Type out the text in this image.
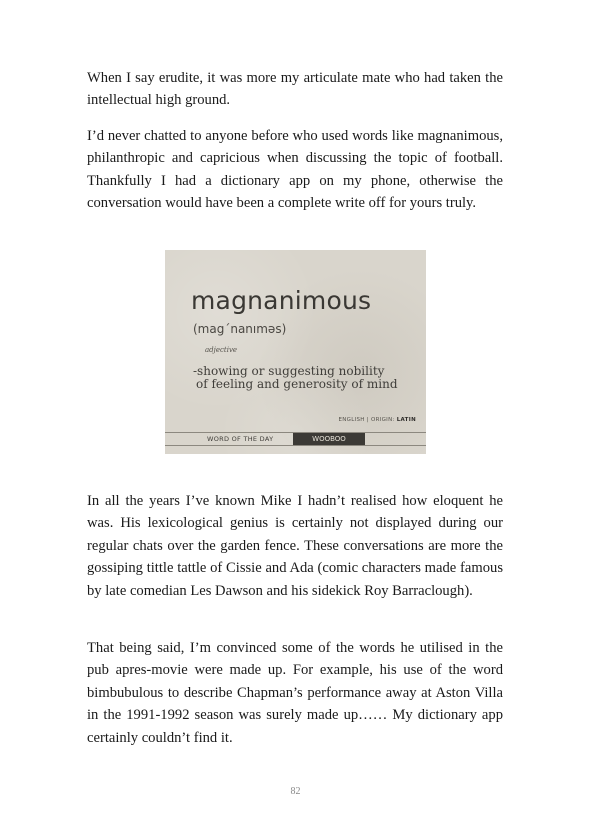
When I say erudite, it was more my articulate mate who had taken the intellectual high ground.

I’d never chatted to anyone before who used words like magnanimous, philanthropic and capricious when discussing the topic of football. Thankfully I had a dictionary app on my phone, otherwise the conversation would have been a complete write off for yours truly.

magnanimous
(mag´nanıməs)
adjective
-showing or suggesting nobility
of feeling and generosity of mind
ENGLISH | ORIGIN: LATIN
WORD OF THE DAY	WOOBOO

In all the years I’ve known Mike I hadn’t realised how eloquent he was. His lexicological genius is certainly not displayed during our regular chats over the garden fence. These conversations are more the gossiping tittle tattle of Cissie and Ada (comic characters made famous by late comedian Les Dawson and his sidekick Roy Barraclough).

That being said, I’m convinced some of the words he utilised in the pub apres-movie were made up. For example, his use of the word bimbubulous to describe Chapman’s performance away at Aston Villa in the 1991-1992 season was surely made up…… My dictionary app certainly couldn’t find it.

82
